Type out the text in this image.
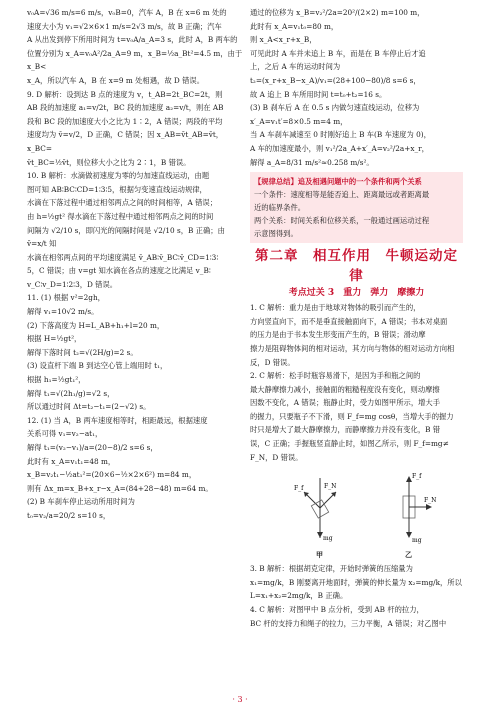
v₀A=√36 m/s=6 m/s，v₀B=0，汽车 A，B 在 x=6 m 处的

速度大小为 v₁=√2×6×1 m/s=2√3 m/s，故 B 正确；汽车

A 从出发到停下所用时间为 t=v₀A/a_A=3 s，此时 A，B 两车的

位置分别为 x_A=v₀A²/2a_A=9 m，x_B=½a_Bt²=4.5 m，由于 x_B<

x_A，所以汽车 A，B 在 x=9 m 处相遇，故 D 错误。

9. D 解析：设到达 B 点的速度为 v，t_AB=2t_BC=2t，则

AB 段的加速度 a₁=v/2t，BC 段的加速度 a₂=v/t，则在 AB

段和 BC 段的加速度大小之比为 1∶2，A 错误；两段的平均

速度均为 v̄=v/2，D 正确，C 错误；因 x_AB=v̄t_AB=v̄t，x_BC=

v̄t_BC=½v̄t，则位移大小之比为 2∶1，B 错误。

10. B 解析：水滴做初速度为零的匀加速直线运动，由题

图可知 AB∶BC∶CD=1∶3∶5，根据匀变速直线运动规律，

水滴在下落过程中通过相邻两点之间的时间相等，A 错误；

由 h=½gt² 得水滴在下落过程中通过相邻两点之间的时间

间隔为 √2/10 s，即闪光的间隔时间是 √2/10 s，B 正确；由 v̄=x/t 知

水滴在相邻两点间的平均速度满足 v̄_AB∶v̄_BC∶v̄_CD=1∶3∶

5，C 错误；由 v=gt 知水滴在各点的速度之比满足 v_B∶

v_C∶v_D=1∶2∶3，D 错误。

11. (1) 根据 v²=2gh，

解得 v₁=10√2 m/s。

(2) 下落高度为 H=L_AB+h₁+l=20 m，

根据 H=½gt²，

解得下落时间 t₂=√(2H/g)=2 s。

(3) 设直杆下端 B 到达空心管上端用时 t₁，

根据 h₁=½gt₁²，

解得 t₁=√(2h₁/g)=√2 s，

所以通过时间 Δt=t₂−t₁=(2−√2) s。

12. (1) 当 A，B 两车速度相等时，相距最远，根据速度

关系可得 v₁=v₂−at₁，

解得 t₁=(v₂−v₁)/a=(20−8)/2 s=6 s，

此时有 x_A=v₁t₁=48 m，

x_B=v₂t₁−½at₁²=(20×6−½×2×6²) m=84 m，

则有 Δx_m=x_B+x_r−x_A=(84+28−48) m=64 m。

(2) B 车刹车停止运动所用时间为

t₀=v₂/a=20/2 s=10 s，

通过的位移为 x_B=v₂²/2a=20²/(2×2) m=100 m，

此时有 x_A=v₁t₀=80 m，

则 x_A<x_r+x_B，

可见此时 A 车并未追上 B 车，而是在 B 车停止后才追

上，之后 A 车的运动时间为

t₂=(x_r+x_B−x_A)/v₁=(28+100−80)/8 s=6 s，

故 A 追上 B 车所用时间 t=t₀+t₂=16 s。

(3) B 刹车后 A 在 0.5 s 内做匀速直线运动，位移为

x′_A=v₁t′=8×0.5 m=4 m，

当 A 车刹车减速至 0 时刚好追上 B 车(B 车速度为 0)，

A 车的加速度最小，则 v₁²/2a_A+x′_A=v₂²/2a+x_r，

解得 a_A=8/31 m/s²≈0.258 m/s²。

【规律总结】追及相遇问题中的一个条件和两个关系

一个条件：速度相等是能否追上、距离最远或者距离最

近的临界条件。

两个关系：时间关系和位移关系，一般通过画运动过程

示意图得到。

第二章　相互作用　牛顿运动定律
考点过关 3　重力　弹力　摩擦力

1. C 解析：重力是由于地球对物体的吸引而产生的，

方向竖直向下，而不是垂直接触面向下，A 错误；书本对桌面

的压力是由于书本发生形变而产生的，B 错误；滑动摩

擦力是阻碍物体间的相对运动，其方向与物体的相对运动方向相反，D 错误。

2. C 解析：松手时瓶容易滑下，是因为手和瓶之间的

最大静摩擦力减小，接触面的粗糙程度没有变化，则动摩擦

因数不变化，A 错误；瓶静止时，受力如图甲所示，增大手

的握力，只要瓶子不下滑，则 F_f=mg cosθ，当增大手的握力

时只是增大了最大静摩擦力，而静摩擦力并没有变化，B 错

误，C 正确；手握瓶竖直静止时，如图乙所示，则 F_f=mg≠

F_N，D 错误。

F_N
F_f
mg
甲
F_f
F_N
mg
乙

3. B 解析：根据胡克定律，开始时弹簧的压缩量为

x₁=mg/k，B 刚要离开地面时，弹簧的伸长量为 x₂=mg/k，所以

L=x₁+x₂=2mg/k，B 正确。

4. C 解析：对图甲中 B 点分析，受到 AB 杆的拉力，

BC 杆的支持力和绳子的拉力，三力平衡，A 错误；对乙图中

· 3 ·
